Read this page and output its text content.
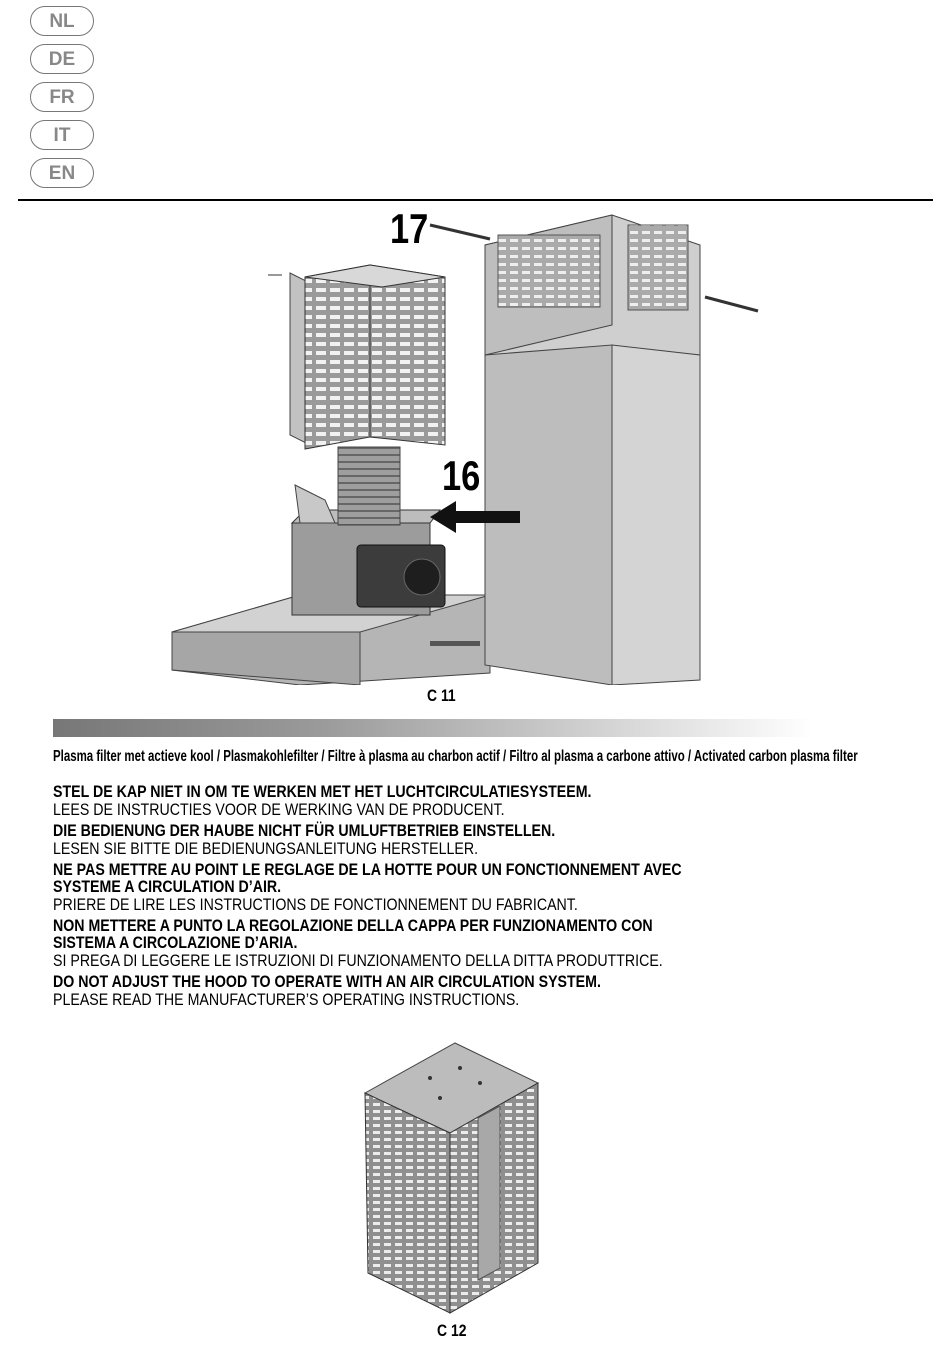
NL
DE
FR
IT
EN
17
16
C 11
Plasma filter met actieve kool / Plasmakohlefilter / Filtre à plasma au charbon actif / Filtro al plasma a carbone attivo / Activated carbon plasma filter
STEL DE KAP NIET IN OM TE WERKEN MET HET LUCHTCIRCULATIESYSTEEM.
LEES DE INSTRUCTIES VOOR DE WERKING VAN DE PRODUCENT.
DIE BEDIENUNG DER HAUBE NICHT FÜR UMLUFTBETRIEB EINSTELLEN.
LESEN SIE BITTE DIE BEDIENUNGSANLEITUNG HERSTELLER.
NE PAS METTRE AU POINT LE REGLAGE DE LA HOTTE POUR UN FONCTIONNEMENT AVEC
SYSTEME A CIRCULATION D’AIR.
PRIERE DE LIRE LES INSTRUCTIONS DE FONCTIONNEMENT DU FABRICANT.
NON METTERE A PUNTO LA REGOLAZIONE DELLA CAPPA PER FUNZIONAMENTO CON
SISTEMA A CIRCOLAZIONE D’ARIA.
SI PREGA DI LEGGERE LE ISTRUZIONI DI FUNZIONAMENTO DELLA DITTA PRODUTTRICE.
DO NOT ADJUST THE HOOD TO OPERATE WITH AN AIR CIRCULATION SYSTEM.
PLEASE READ THE MANUFACTURER’S OPERATING INSTRUCTIONS.
C 12
